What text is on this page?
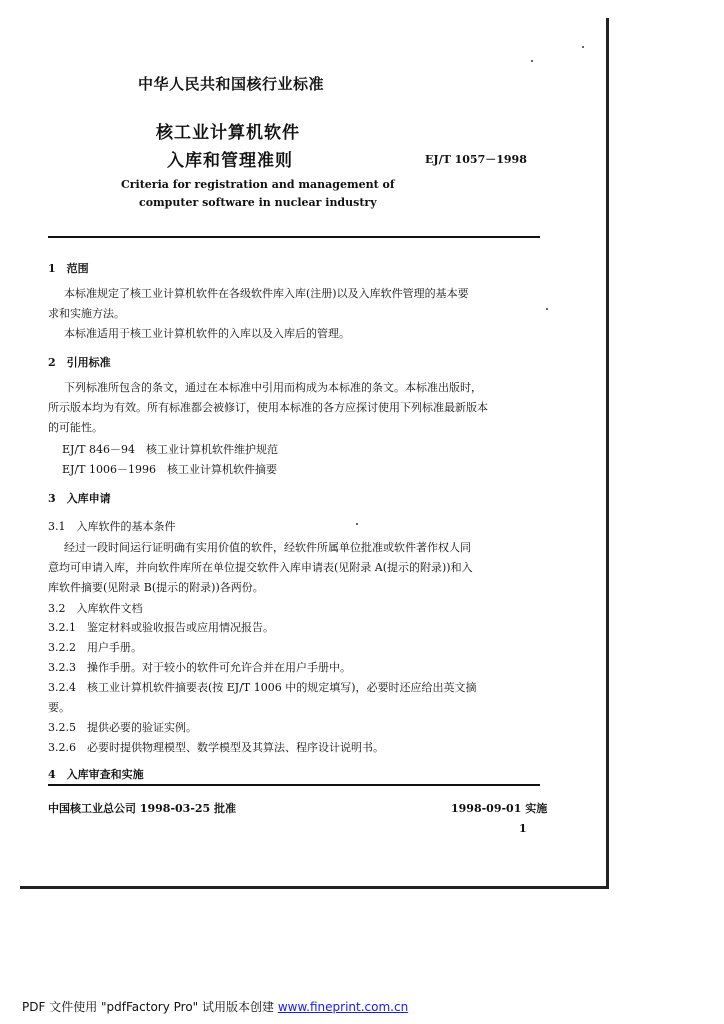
中华人民共和国核行业标准
核工业计算机软件
入库和管理准则	EJ/T 1057－1998
Criteria for registration and management of
computer software in nuclear industry
1　范围
本标准规定了核工业计算机软件在各级软件库入库(注册)以及入库软件管理的基本要
求和实施方法。
本标准适用于核工业计算机软件的入库以及入库后的管理。
2　引用标准
下列标准所包含的条文，通过在本标准中引用而构成为本标准的条文。本标准出版时，
所示版本均为有效。所有标准都会被修订，使用本标准的各方应探讨使用下列标准最新版本
的可能性。
EJ/T 846－94　核工业计算机软件维护规范
EJ/T 1006－1996　核工业计算机软件摘要
3　入库申请
3.1　入库软件的基本条件
经过一段时间运行证明确有实用价值的软件，经软件所属单位批准或软件著作权人同
意均可申请入库，并向软件库所在单位提交软件入库申请表(见附录 A(提示的附录))和入
库软件摘要(见附录 B(提示的附录))各两份。
3.2　入库软件文档
3.2.1　鉴定材料或验收报告或应用情况报告。
3.2.2　用户手册。
3.2.3　操作手册。对于较小的软件可允许合并在用户手册中。
3.2.4　核工业计算机软件摘要表(按 EJ/T 1006 中的规定填写)，必要时还应给出英文摘
要。
3.2.5　提供必要的验证实例。
3.2.6　必要时提供物理模型、数学模型及其算法、程序设计说明书。
4　入库审查和实施
中国核工业总公司 1998-03-25 批准	1998-09-01 实施
1
PDF 文件使用 "pdfFactory Pro" 试用版本创建 www.fineprint.com.cn
